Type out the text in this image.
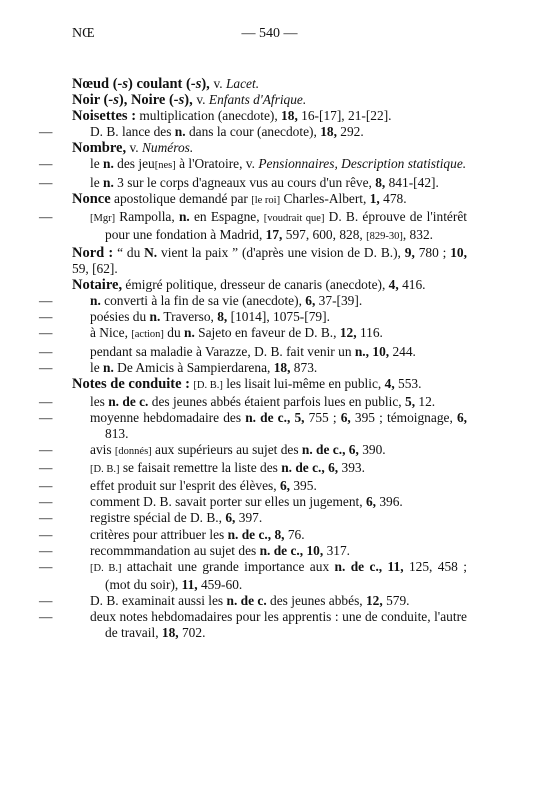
NŒ	— 540 —

Nœud (-s) coulant (-s), v. Lacet.

Noir (-s), Noire (-s), v. Enfants d'Afrique.

Noisettes : multiplication (anecdote), 18, 16-[17], 21-[22].

—	D. B. lance des n. dans la cour (anecdote), 18, 292.

Nombre, v. Numéros.

—	le n. des jeu[nes] à l'Oratoire, v. Pensionnaires, Description statistique.

—	le n. 3 sur le corps d'agneaux vus au cours d'un rêve, 8, 841-[42].

Nonce apostolique demandé par [le roi] Charles-Albert, 1, 478.

—	[Mgr] Rampolla, n. en Espagne, [voudrait que] D. B. éprouve de l'intérêt pour une fondation à Madrid, 17, 597, 600, 828, [829-30], 832.

Nord : “ du N. vient la paix ” (d'après une vision de D. B.), 9, 780 ; 10, 59, [62].

Notaire, émigré politique, dresseur de canaris (anecdote), 4, 416.

—	n. converti à la fin de sa vie (anecdote), 6, 37-[39].

—	poésies du n. Traverso, 8, [1014], 1075-[79].

—	à Nice, [action] du n. Sajeto en faveur de D. B., 12, 116.

—	pendant sa maladie à Varazze, D. B. fait venir un n., 10, 244.

—	le n. De Amicis à Sampierdarena, 18, 873.

Notes de conduite : [D. B.] les lisait lui-même en public, 4, 553.

—	les n. de c. des jeunes abbés étaient parfois lues en public, 5, 12.

—	moyenne hebdomadaire des n. de c., 5, 755 ; 6, 395 ; témoignage, 6, 813.

—	avis [donnés] aux supérieurs au sujet des n. de c., 6, 390.

—	[D. B.] se faisait remettre la liste des n. de c., 6, 393.

—	effet produit sur l'esprit des élèves, 6, 395.

—	comment D. B. savait porter sur elles un jugement, 6, 396.

—	registre spécial de D. B., 6, 397.

—	critères pour attribuer les n. de c., 8, 76.

—	recommmandation au sujet des n. de c., 10, 317.

—	[D. B.] attachait une grande importance aux n. de c., 11, 125, 458 ; (mot du soir), 11, 459-60.

—	D. B. examinait aussi les n. de c. des jeunes abbés, 12, 579.

—	deux notes hebdomadaires pour les apprentis : une de conduite, l'autre de travail, 18, 702.
